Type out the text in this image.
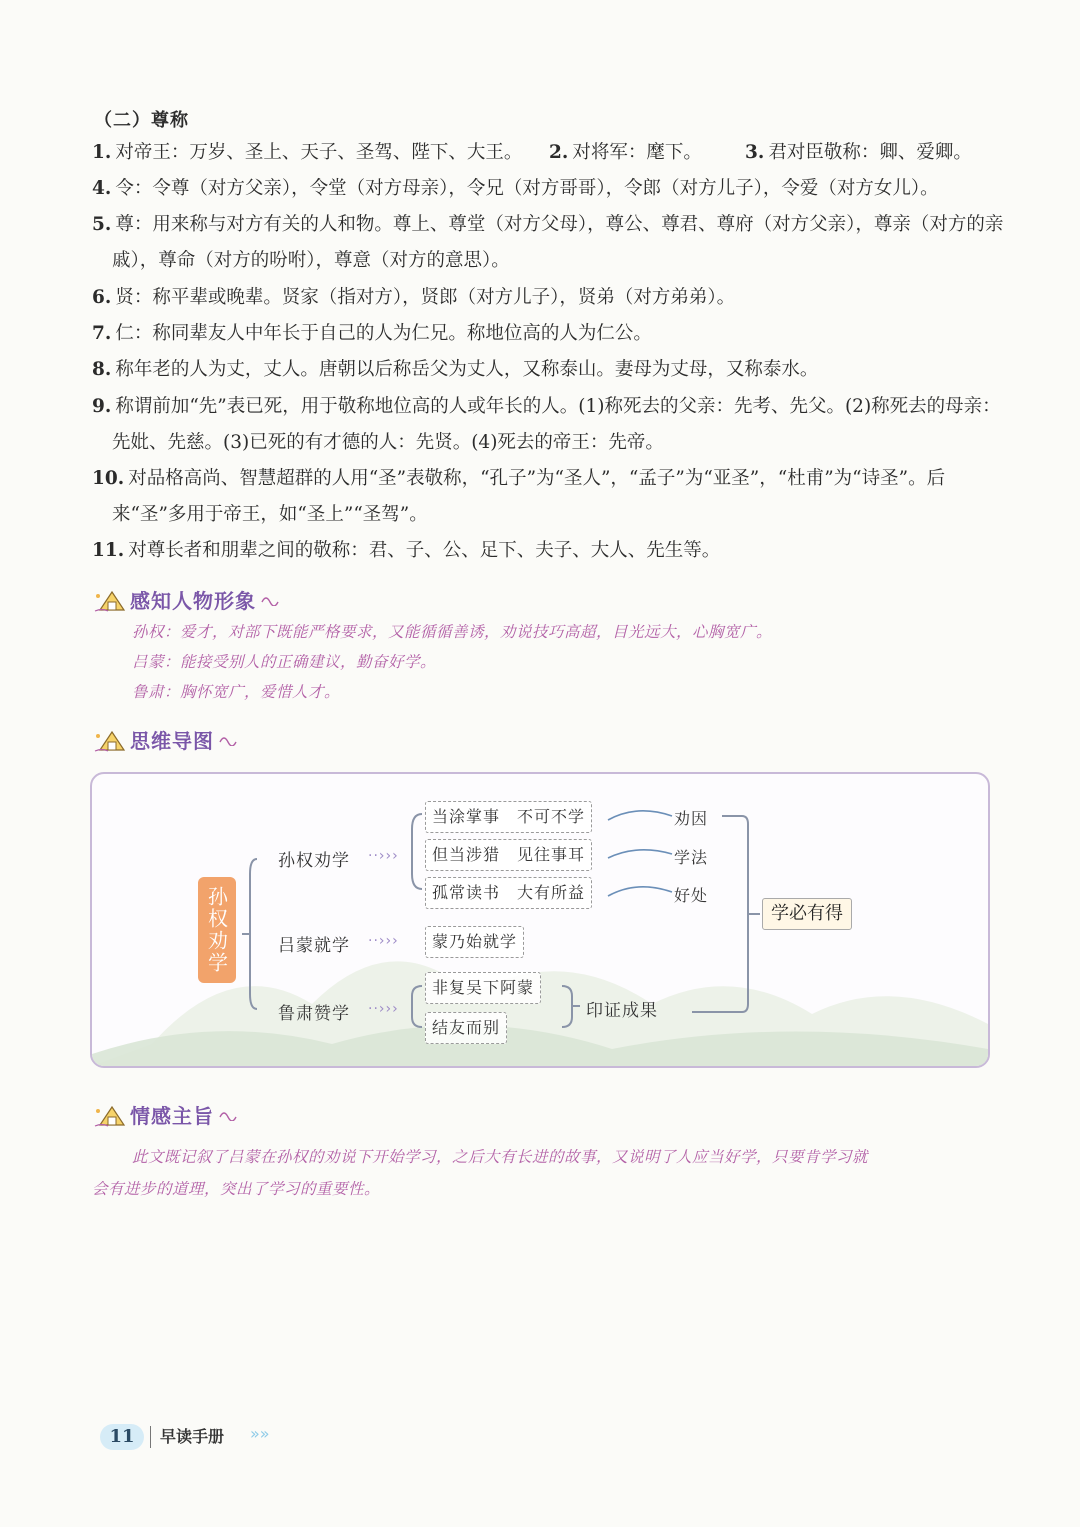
（二）尊称
1. 对帝王：万岁、圣上、天子、圣驾、陛下、大王。	2. 对将军：麾下。	3. 君对臣敬称：卿、爱卿。
4. 令：令尊（对方父亲），令堂（对方母亲），令兄（对方哥哥），令郎（对方儿子），令爱（对方女儿）。
5. 尊：用来称与对方有关的人和物。尊上、尊堂（对方父母），尊公、尊君、尊府（对方父亲），尊亲（对方的亲
戚），尊命（对方的吩咐），尊意（对方的意思）。
6. 贤：称平辈或晚辈。贤家（指对方），贤郎（对方儿子），贤弟（对方弟弟）。
7. 仁：称同辈友人中年长于自己的人为仁兄。称地位高的人为仁公。
8. 称年老的人为丈，丈人。唐朝以后称岳父为丈人，又称泰山。妻母为丈母，又称泰水。
9. 称谓前加“先”表已死，用于敬称地位高的人或年长的人。(1)称死去的父亲：先考、先父。(2)称死去的母亲：
先妣、先慈。(3)已死的有才德的人：先贤。(4)死去的帝王：先帝。
10. 对品格高尚、智慧超群的人用“圣”表敬称，“孔子”为“圣人”，“孟子”为“亚圣”，“杜甫”为“诗圣”。后
来“圣”多用于帝王，如“圣上”“圣驾”。
11. 对尊长者和朋辈之间的敬称：君、子、公、足下、夫子、大人、先生等。
感知人物形象
孙权：爱才，对部下既能严格要求，又能循循善诱，劝说技巧高超，目光远大，心胸宽广。
吕蒙：能接受别人的正确建议，勤奋好学。
鲁肃：胸怀宽广，爱惜人才。
思维导图
孙权劝学
孙权劝学 ··›››
吕蒙就学 ··›››
鲁肃赞学 ··›››
当涂掌事　不可不学
但当涉猎　见往事耳
孤常读书　大有所益
劝因
学法
好处
蒙乃始就学
非复吴下阿蒙
结友而别
印证成果
学必有得
情感主旨
此文既记叙了吕蒙在孙权的劝说下开始学习，之后大有长进的故事，又说明了人应当好学，只要肯学习就
会有进步的道理，突出了学习的重要性。
11	早读手册 »»
